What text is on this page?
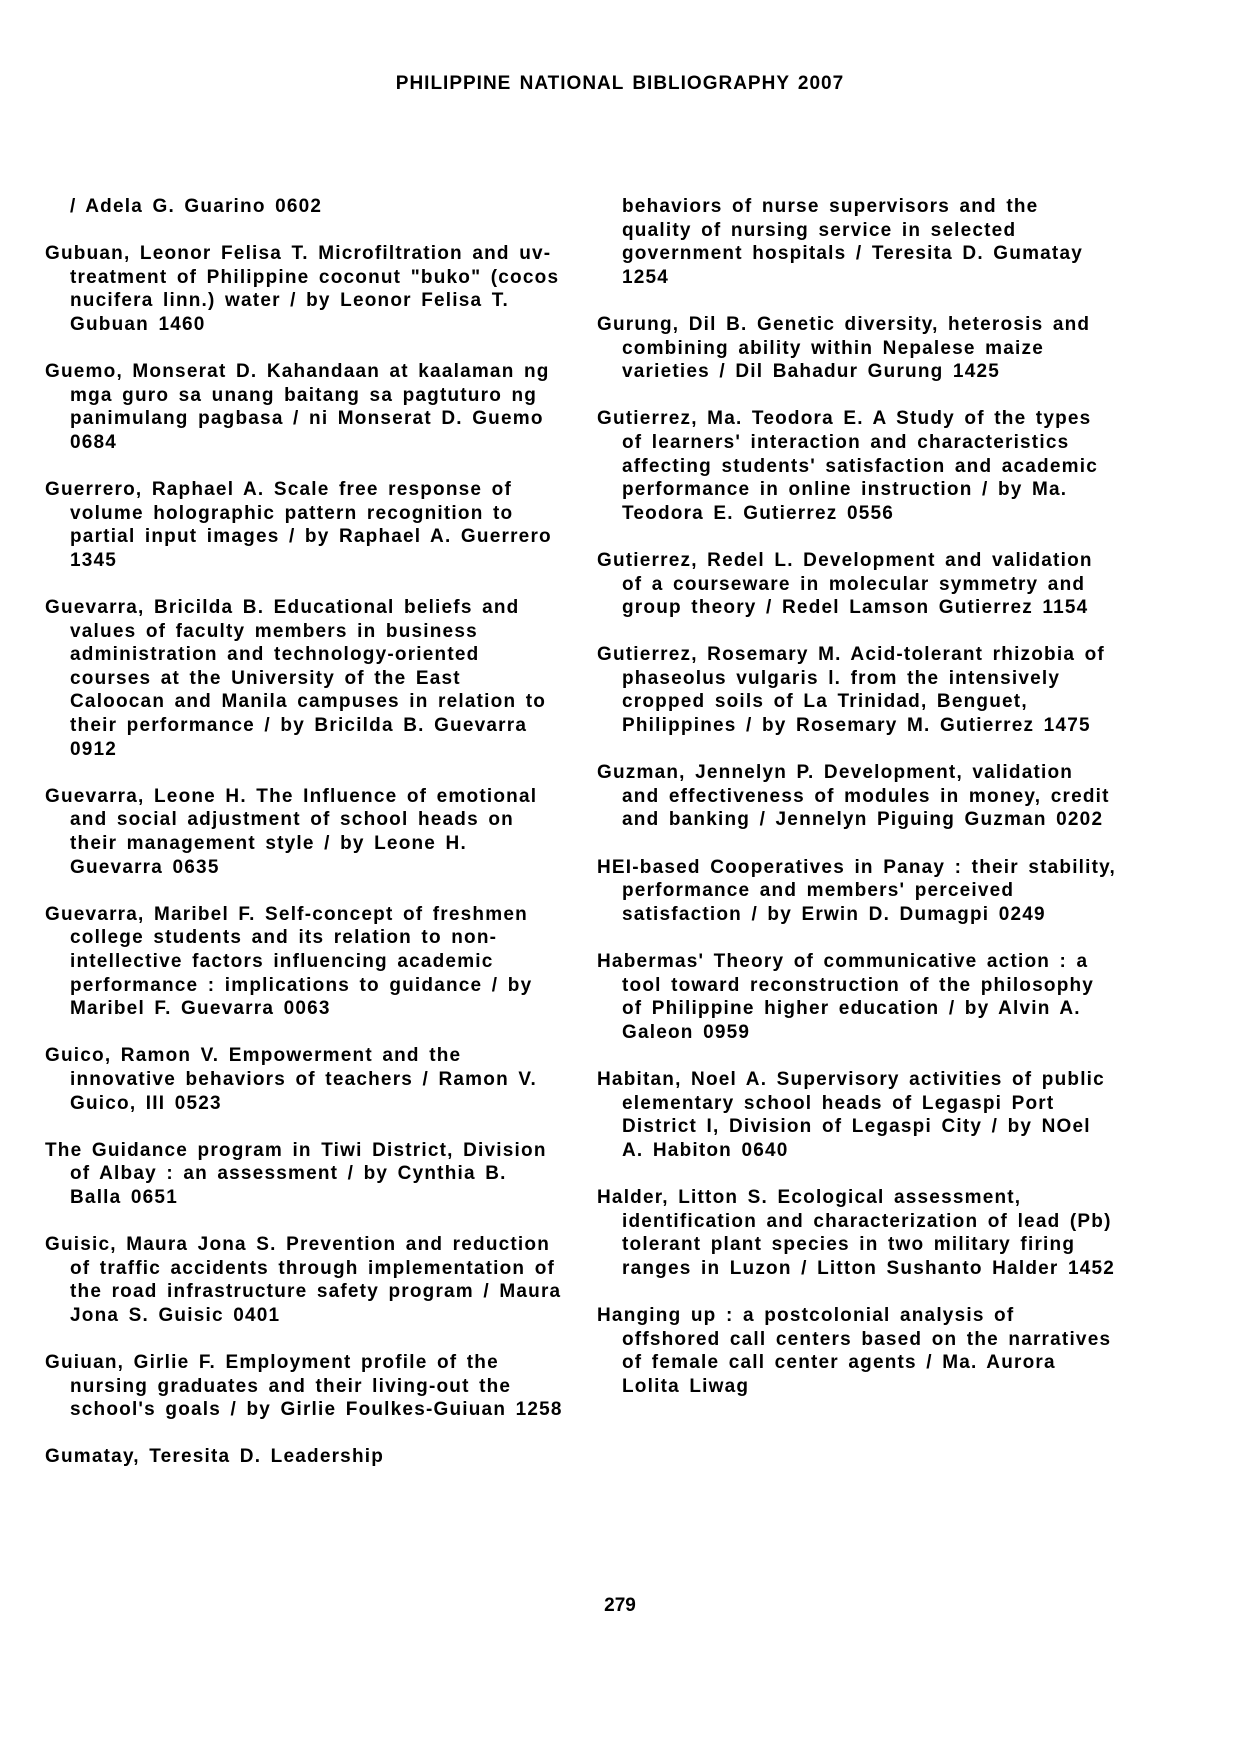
PHILIPPINE NATIONAL BIBLIOGRAPHY 2007

/ Adela G. Guarino 0602

Gubuan, Leonor Felisa T. Microfiltration and uv-treatment of Philippine coconut "buko" (cocos nucifera linn.) water / by Leonor Felisa T. Gubuan 1460

Guemo, Monserat D. Kahandaan at kaalaman ng mga guro sa unang baitang sa pagtuturo ng panimulang pagbasa / ni Monserat D. Guemo 0684

Guerrero, Raphael A. Scale free response of volume holographic pattern recognition to partial input images / by Raphael A. Guerrero 1345

Guevarra, Bricilda B. Educational beliefs and values of faculty members in business administration and technology-oriented courses at the University of the East Caloocan and Manila campuses in relation to their performance / by Bricilda B. Guevarra 0912

Guevarra, Leone H. The Influence of emotional and social adjustment of school heads on their management style / by Leone H. Guevarra 0635

Guevarra, Maribel F. Self-concept of freshmen college students and its relation to non-intellective factors influencing academic performance : implications to guidance / by Maribel F. Guevarra 0063

Guico, Ramon V. Empowerment and the innovative behaviors of teachers / Ramon V. Guico, III 0523

The Guidance program in Tiwi District, Division of Albay : an assessment / by Cynthia B. Balla 0651

Guisic, Maura Jona S. Prevention and reduction of traffic accidents through implementation of the road infrastructure safety program / Maura Jona S. Guisic 0401

Guiuan, Girlie F. Employment profile of the nursing graduates and their living-out the school's goals / by Girlie Foulkes-Guiuan 1258

Gumatay, Teresita D. Leadership

behaviors of nurse supervisors and the quality of nursing service in selected government hospitals / Teresita D. Gumatay 1254

Gurung, Dil B. Genetic diversity, heterosis and combining ability within Nepalese maize varieties / Dil Bahadur Gurung 1425

Gutierrez, Ma. Teodora E. A Study of the types of learners' interaction and characteristics affecting students' satisfaction and academic performance in online instruction / by Ma. Teodora E. Gutierrez 0556

Gutierrez, Redel L. Development and validation of a courseware in molecular symmetry and group theory / Redel Lamson Gutierrez 1154

Gutierrez, Rosemary M. Acid-tolerant rhizobia of phaseolus vulgaris l. from the intensively cropped soils of La Trinidad, Benguet, Philippines / by Rosemary M. Gutierrez 1475

Guzman, Jennelyn P. Development, validation and effectiveness of modules in money, credit and banking / Jennelyn Piguing Guzman 0202

HEI-based Cooperatives in Panay : their stability, performance and members' perceived satisfaction / by Erwin D. Dumagpi 0249

Habermas' Theory of communicative action : a tool toward reconstruction of the philosophy of Philippine higher education / by Alvin A. Galeon 0959

Habitan, Noel A. Supervisory activities of public elementary school heads of Legaspi Port District I, Division of Legaspi City / by NOel A. Habiton 0640

Halder, Litton S. Ecological assessment, identification and characterization of lead (Pb) tolerant plant species in two military firing ranges in Luzon / Litton Sushanto Halder 1452

Hanging up : a postcolonial analysis of offshored call centers based on the narratives of female call center agents / Ma. Aurora Lolita Liwag

279
